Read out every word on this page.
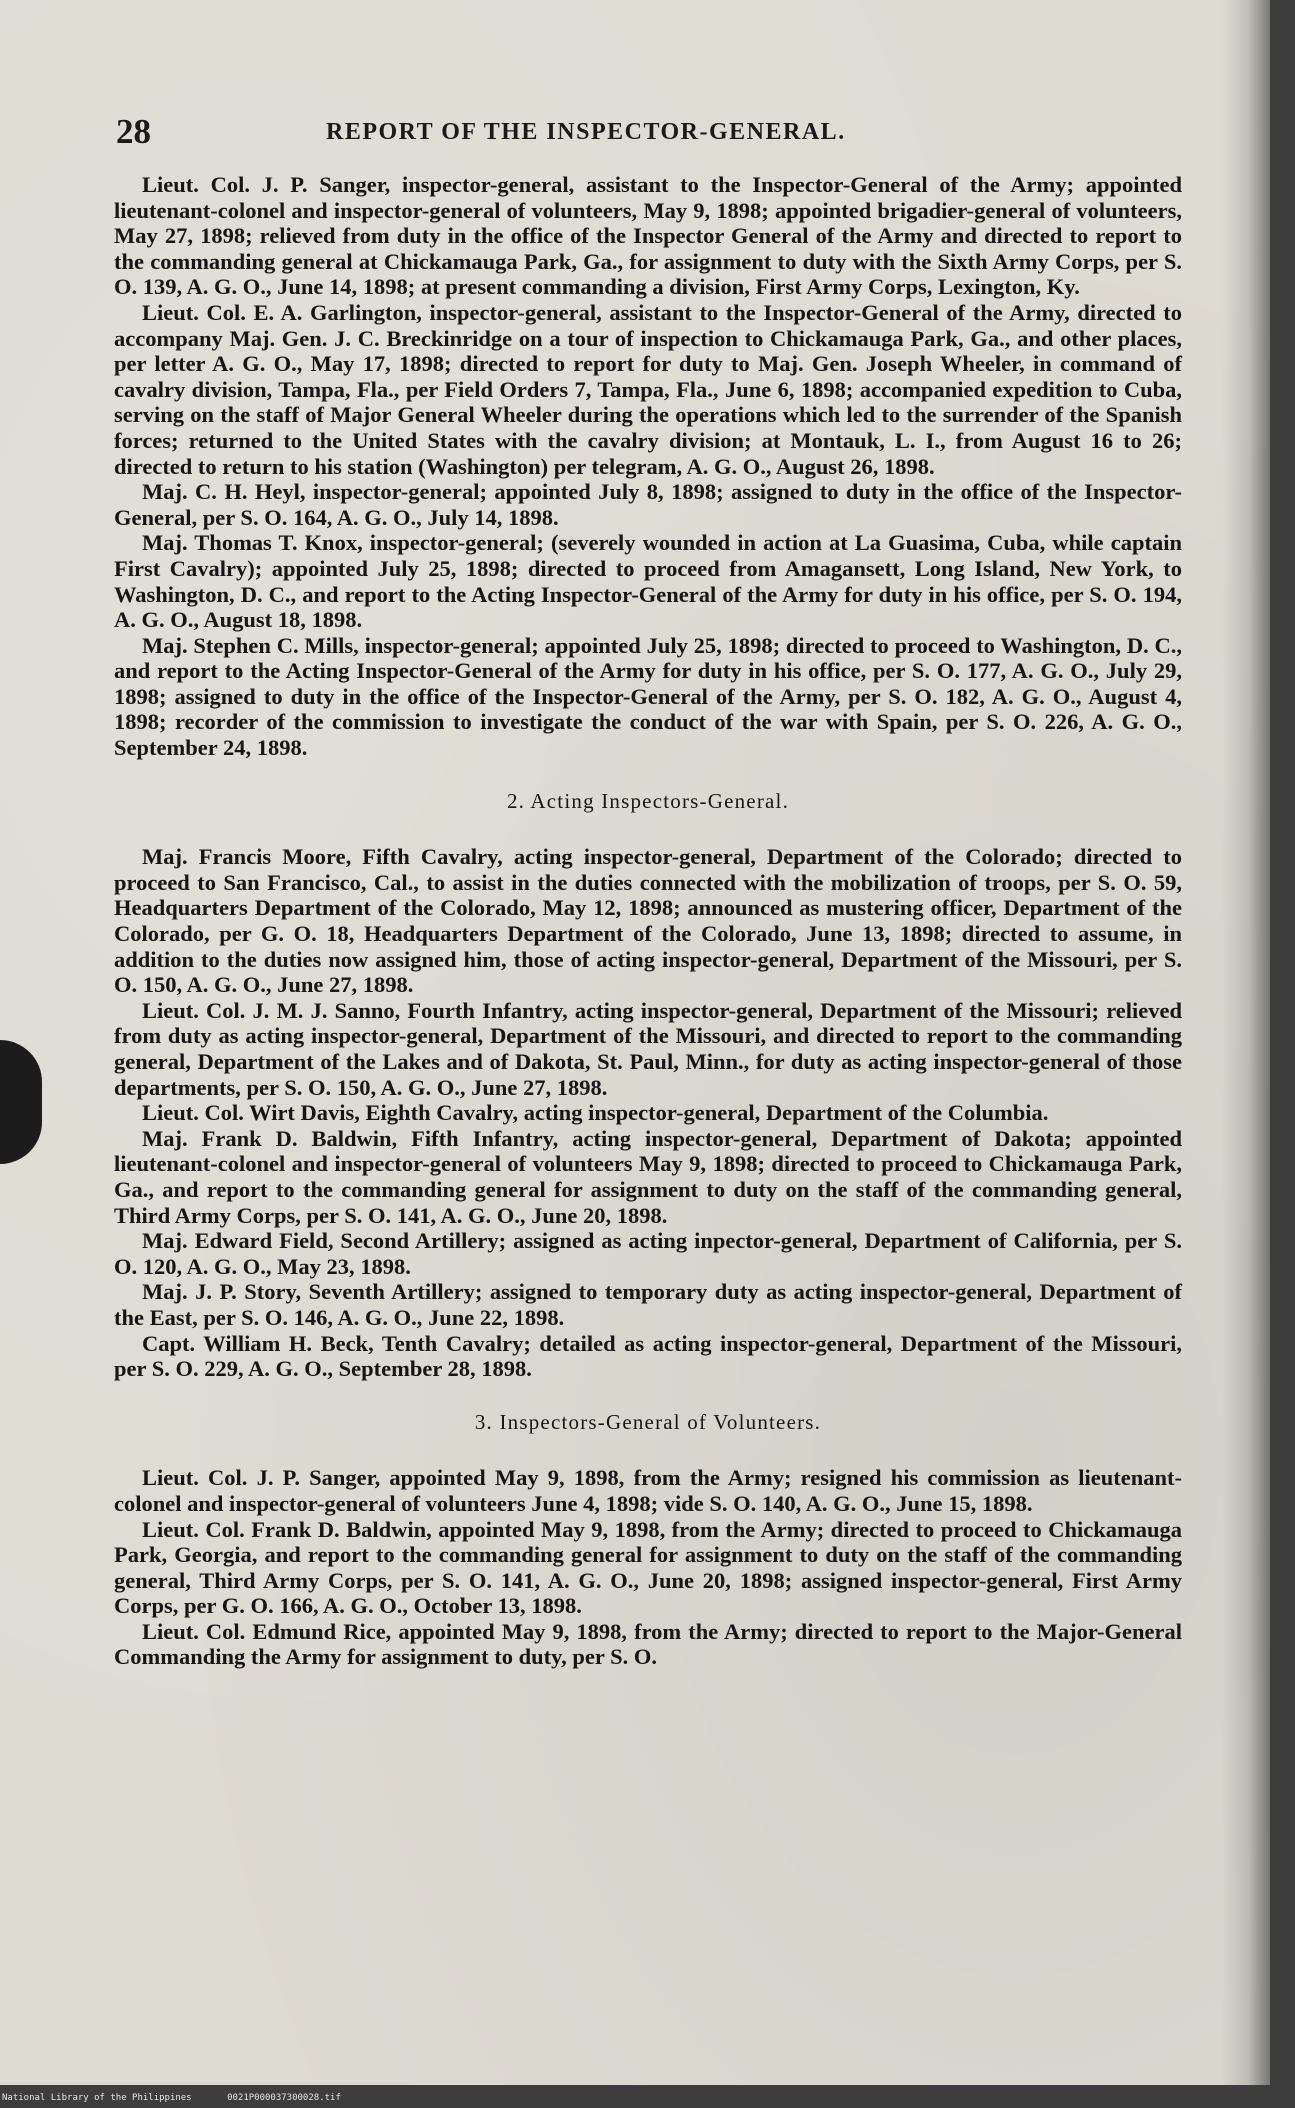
28	REPORT OF THE INSPECTOR-GENERAL.

Lieut. Col. J. P. Sanger, inspector-general, assistant to the Inspector-General of the Army; appointed lieutenant-colonel and inspector-general of volunteers, May 9, 1898; appointed brigadier-general of volunteers, May 27, 1898; relieved from duty in the office of the Inspector General of the Army and directed to report to the commanding general at Chickamauga Park, Ga., for assignment to duty with the Sixth Army Corps, per S. O. 139, A. G. O., June 14, 1898; at present commanding a division, First Army Corps, Lexington, Ky.

Lieut. Col. E. A. Garlington, inspector-general, assistant to the Inspector-General of the Army, directed to accompany Maj. Gen. J. C. Breckinridge on a tour of inspection to Chickamauga Park, Ga., and other places, per letter A. G. O., May 17, 1898; directed to report for duty to Maj. Gen. Joseph Wheeler, in command of cavalry division, Tampa, Fla., per Field Orders 7, Tampa, Fla., June 6, 1898; accompanied expedition to Cuba, serving on the staff of Major General Wheeler during the operations which led to the surrender of the Spanish forces; returned to the United States with the cavalry division; at Montauk, L. I., from August 16 to 26; directed to return to his station (Washington) per telegram, A. G. O., August 26, 1898.

Maj. C. H. Heyl, inspector-general; appointed July 8, 1898; assigned to duty in the office of the Inspector-General, per S. O. 164, A. G. O., July 14, 1898.

Maj. Thomas T. Knox, inspector-general; (severely wounded in action at La Guasima, Cuba, while captain First Cavalry); appointed July 25, 1898; directed to proceed from Amagansett, Long Island, New York, to Washington, D. C., and report to the Acting Inspector-General of the Army for duty in his office, per S. O. 194, A. G. O., August 18, 1898.

Maj. Stephen C. Mills, inspector-general; appointed July 25, 1898; directed to proceed to Washington, D. C., and report to the Acting Inspector-General of the Army for duty in his office, per S. O. 177, A. G. O., July 29, 1898; assigned to duty in the office of the Inspector-General of the Army, per S. O. 182, A. G. O., August 4, 1898; recorder of the commission to investigate the conduct of the war with Spain, per S. O. 226, A. G. O., September 24, 1898.

2. Acting Inspectors-General.

Maj. Francis Moore, Fifth Cavalry, acting inspector-general, Department of the Colorado; directed to proceed to San Francisco, Cal., to assist in the duties connected with the mobilization of troops, per S. O. 59, Headquarters Department of the Colorado, May 12, 1898; announced as mustering officer, Department of the Colorado, per G. O. 18, Headquarters Department of the Colorado, June 13, 1898; directed to assume, in addition to the duties now assigned him, those of acting inspector-general, Department of the Missouri, per S. O. 150, A. G. O., June 27, 1898.

Lieut. Col. J. M. J. Sanno, Fourth Infantry, acting inspector-general, Department of the Missouri; relieved from duty as acting inspector-general, Department of the Missouri, and directed to report to the commanding general, Department of the Lakes and of Dakota, St. Paul, Minn., for duty as acting inspector-general of those departments, per S. O. 150, A. G. O., June 27, 1898.

Lieut. Col. Wirt Davis, Eighth Cavalry, acting inspector-general, Department of the Columbia.

Maj. Frank D. Baldwin, Fifth Infantry, acting inspector-general, Department of Dakota; appointed lieutenant-colonel and inspector-general of volunteers May 9, 1898; directed to proceed to Chickamauga Park, Ga., and report to the commanding general for assignment to duty on the staff of the commanding general, Third Army Corps, per S. O. 141, A. G. O., June 20, 1898.

Maj. Edward Field, Second Artillery; assigned as acting inpector-general, Department of California, per S. O. 120, A. G. O., May 23, 1898.

Maj. J. P. Story, Seventh Artillery; assigned to temporary duty as acting inspector-general, Department of the East, per S. O. 146, A. G. O., June 22, 1898.

Capt. William H. Beck, Tenth Cavalry; detailed as acting inspector-general, Department of the Missouri, per S. O. 229, A. G. O., September 28, 1898.

3. Inspectors-General of Volunteers.

Lieut. Col. J. P. Sanger, appointed May 9, 1898, from the Army; resigned his commission as lieutenant-colonel and inspector-general of volunteers June 4, 1898; vide S. O. 140, A. G. O., June 15, 1898.

Lieut. Col. Frank D. Baldwin, appointed May 9, 1898, from the Army; directed to proceed to Chickamauga Park, Georgia, and report to the commanding general for assignment to duty on the staff of the commanding general, Third Army Corps, per S. O. 141, A. G. O., June 20, 1898; assigned inspector-general, First Army Corps, per G. O. 166, A. G. O., October 13, 1898.

Lieut. Col. Edmund Rice, appointed May 9, 1898, from the Army; directed to report to the Major-General Commanding the Army for assignment to duty, per S. O.

National Library of the Philippines	0021P000037300028.tif
